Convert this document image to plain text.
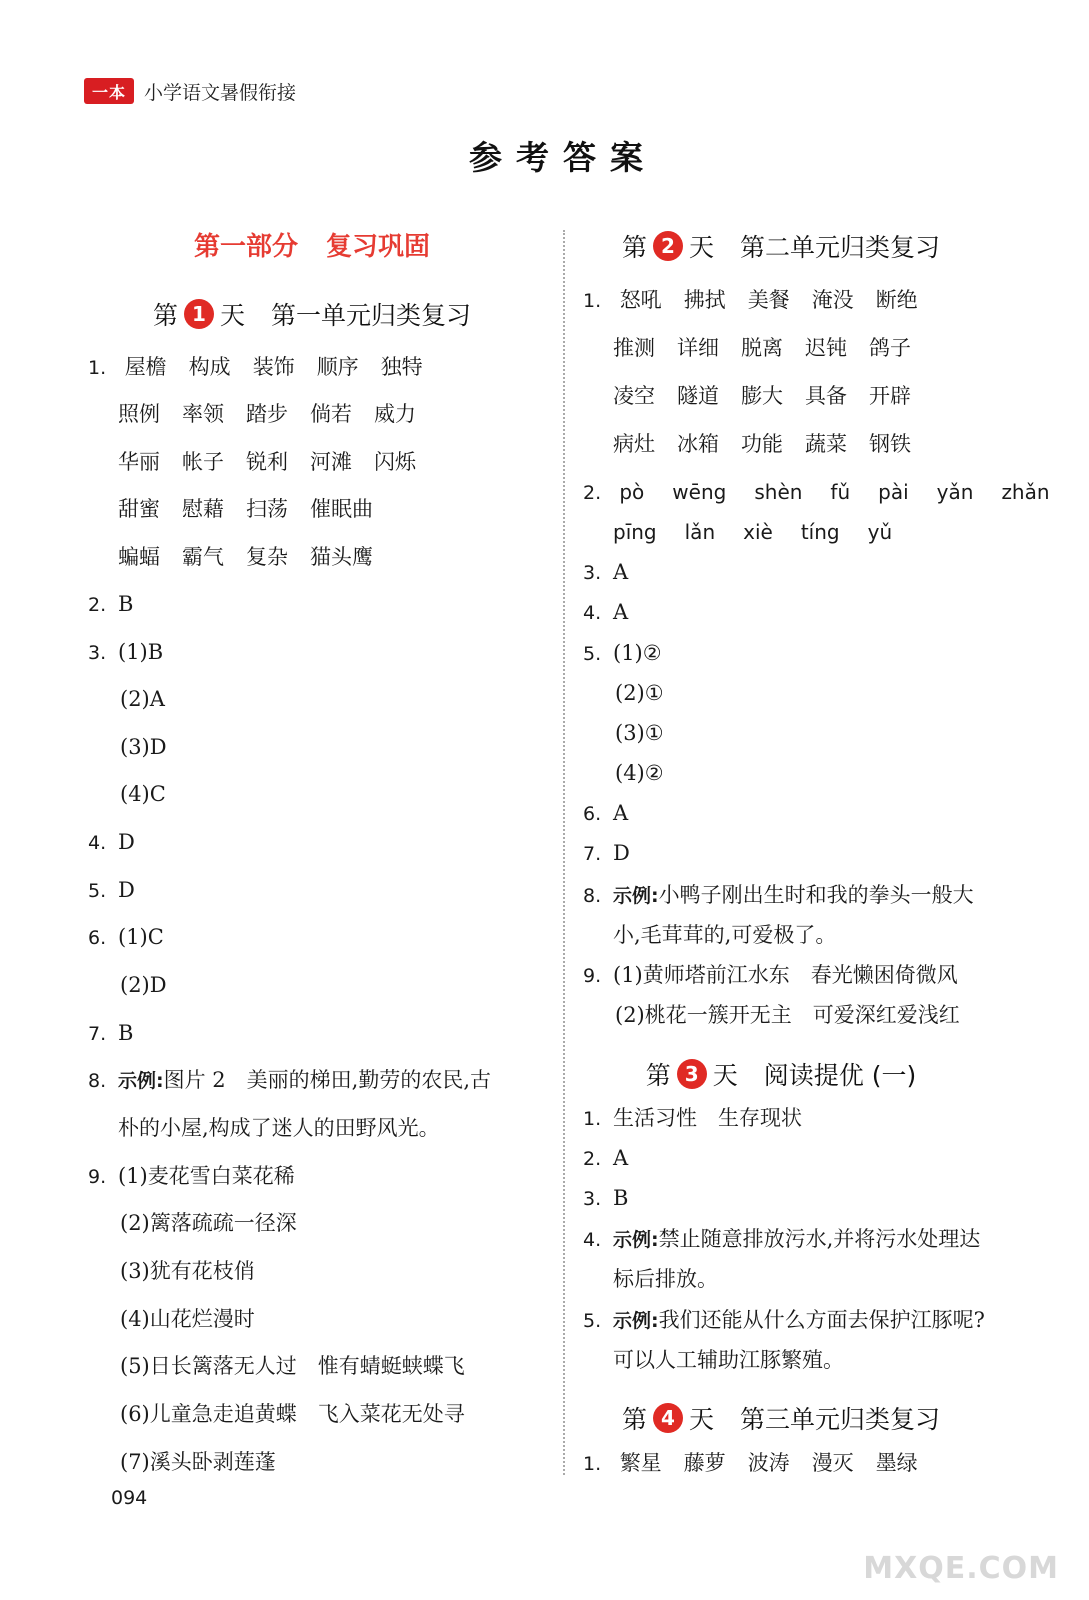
一本 小学语文暑假衔接
参考答案
第一部分 复习巩固
第 1 天 第一单元归类复习
1. 屋檐 构成 装饰 顺序 独特
照例 率领 踏步 倘若 威力
华丽 帐子 锐利 河滩 闪烁
甜蜜 慰藉 扫荡 催眠曲
蝙蝠 霸气 复杂 猫头鹰
2. B
3. (1)B
(2)A
(3)D
(4)C
4. D
5. D
6. (1)C
(2)D
7. B
8. 示例:图片 2　美丽的梯田,勤劳的农民,古
朴的小屋,构成了迷人的田野风光。
9. (1)麦花雪白菜花稀
(2)篱落疏疏一径深
(3)犹有花枝俏
(4)山花烂漫时
(5)日长篱落无人过　惟有蜻蜓蛱蝶飞
(6)儿童急走追黄蝶　飞入菜花无处寻
(7)溪头卧剥莲蓬
第 2 天 第二单元归类复习
1. 怒吼 拂拭 美餐 淹没 断绝
推测 详细 脱离 迟钝 鸽子
凌空 隧道 膨大 具备 开辟
病灶 冰箱 功能 蔬菜 钢铁
2. pò wēng shèn fǔ pài yǎn zhǎn
pīng lǎn xiè tíng yǔ
3. A
4. A
5. (1)②
(2)①
(3)①
(4)②
6. A
7. D
8. 示例:小鸭子刚出生时和我的拳头一般大
小,毛茸茸的,可爱极了。
9. (1)黄师塔前江水东　春光懒困倚微风
(2)桃花一簇开无主　可爱深红爱浅红
第 3 天 阅读提优 (一)
1. 生活习性　生存现状
2. A
3. B
4. 示例:禁止随意排放污水,并将污水处理达
标后排放。
5. 示例:我们还能从什么方面去保护江豚呢?
可以人工辅助江豚繁殖。
第 4 天 第三单元归类复习
1. 繁星 藤萝 波涛 漫灭 墨绿
094
MXQE.COM
